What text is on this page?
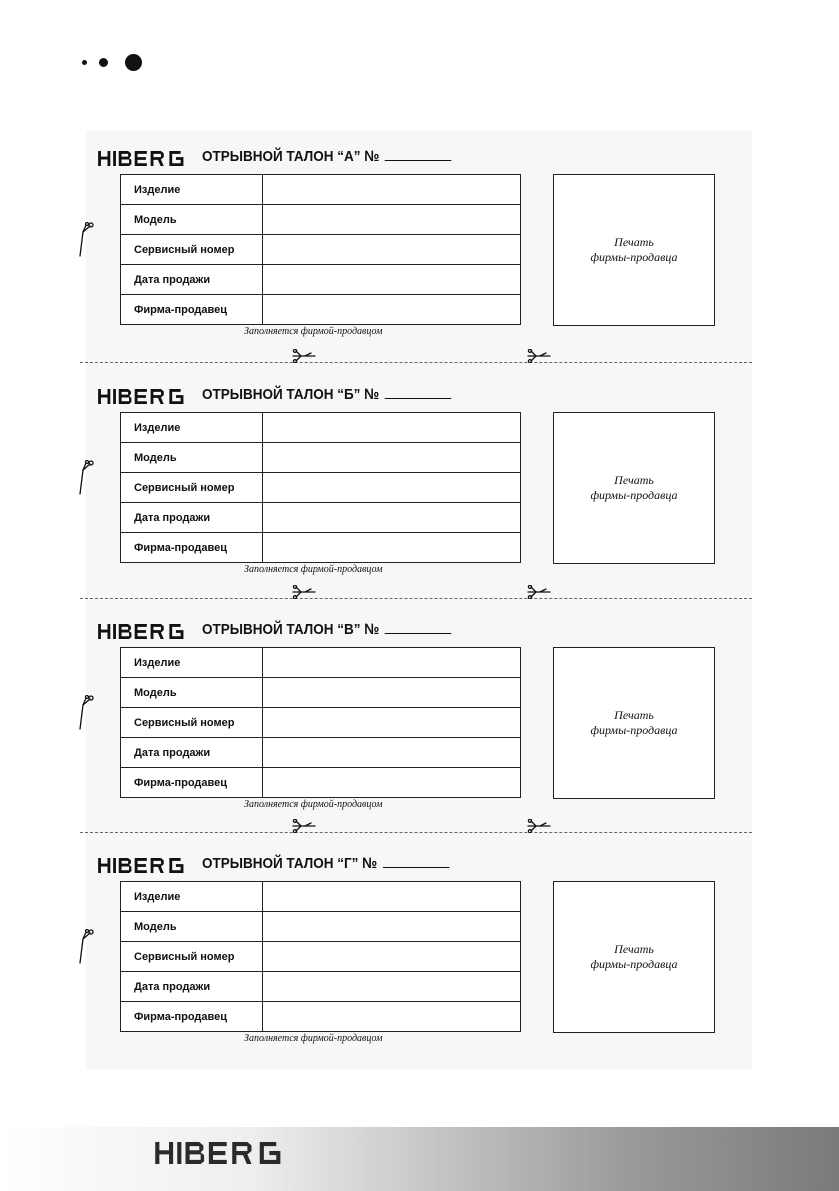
ОТРЫВНОЙ ТАЛОН “А” №
Изделие	
Модель	
Сервисный номер	
Дата продажи	
Фирма-продавец	
Заполняется фирмой-продавцом
Печать
фирмы-продавца
ОТРЫВНОЙ ТАЛОН “Б” №
Изделие	
Модель	
Сервисный номер	
Дата продажи	
Фирма-продавец	
Заполняется фирмой-продавцом
Печать
фирмы-продавца
ОТРЫВНОЙ ТАЛОН “В” №
Изделие	
Модель	
Сервисный номер	
Дата продажи	
Фирма-продавец	
Заполняется фирмой-продавцом
Печать
фирмы-продавца
ОТРЫВНОЙ ТАЛОН “Г” №
Изделие	
Модель	
Сервисный номер	
Дата продажи	
Фирма-продавец	
Заполняется фирмой-продавцом
Печать
фирмы-продавца
